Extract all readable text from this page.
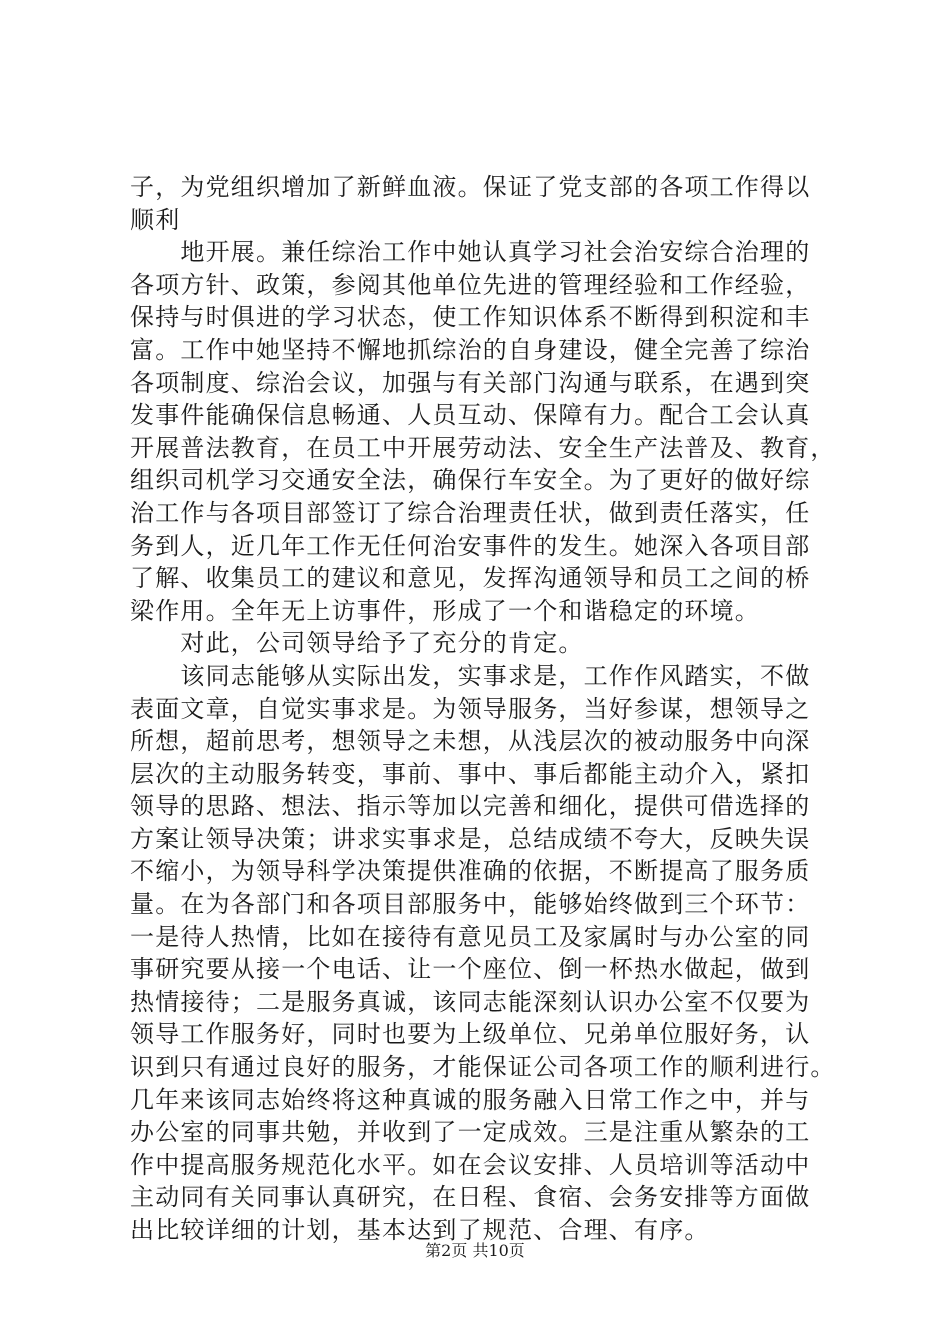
子，为党组织增加了新鲜血液。保证了党支部的各项工作得以
顺利
　　地开展。兼任综治工作中她认真学习社会治安综合治理的
各项方针、政策，参阅其他单位先进的管理经验和工作经验，
保持与时俱进的学习状态，使工作知识体系不断得到积淀和丰
富。工作中她坚持不懈地抓综治的自身建设，健全完善了综治
各项制度、综治会议，加强与有关部门沟通与联系，在遇到突
发事件能确保信息畅通、人员互动、保障有力。配合工会认真
开展普法教育，在员工中开展劳动法、安全生产法普及、教育，
组织司机学习交通安全法，确保行车安全。为了更好的做好综
治工作与各项目部签订了综合治理责任状，做到责任落实，任
务到人，近几年工作无任何治安事件的发生。她深入各项目部
了解、收集员工的建议和意见，发挥沟通领导和员工之间的桥
梁作用。全年无上访事件，形成了一个和谐稳定的环境。
　　对此，公司领导给予了充分的肯定。
　　该同志能够从实际出发，实事求是，工作作风踏实，不做
表面文章，自觉实事求是。为领导服务，当好参谋，想领导之
所想，超前思考，想领导之未想，从浅层次的被动服务中向深
层次的主动服务转变，事前、事中、事后都能主动介入，紧扣
领导的思路、想法、指示等加以完善和细化，提供可借选择的
方案让领导决策；讲求实事求是，总结成绩不夸大，反映失误
不缩小，为领导科学决策提供准确的依据，不断提高了服务质
量。在为各部门和各项目部服务中，能够始终做到三个环节：
一是待人热情，比如在接待有意见员工及家属时与办公室的同
事研究要从接一个电话、让一个座位、倒一杯热水做起，做到
热情接待；二是服务真诚，该同志能深刻认识办公室不仅要为
领导工作服务好，同时也要为上级单位、兄弟单位服好务，认
识到只有通过良好的服务，才能保证公司各项工作的顺利进行。
几年来该同志始终将这种真诚的服务融入日常工作之中，并与
办公室的同事共勉，并收到了一定成效。三是注重从繁杂的工
作中提高服务规范化水平。如在会议安排、人员培训等活动中
主动同有关同事认真研究，在日程、食宿、会务安排等方面做
出比较详细的计划，基本达到了规范、合理、有序。
第2页 共10页
